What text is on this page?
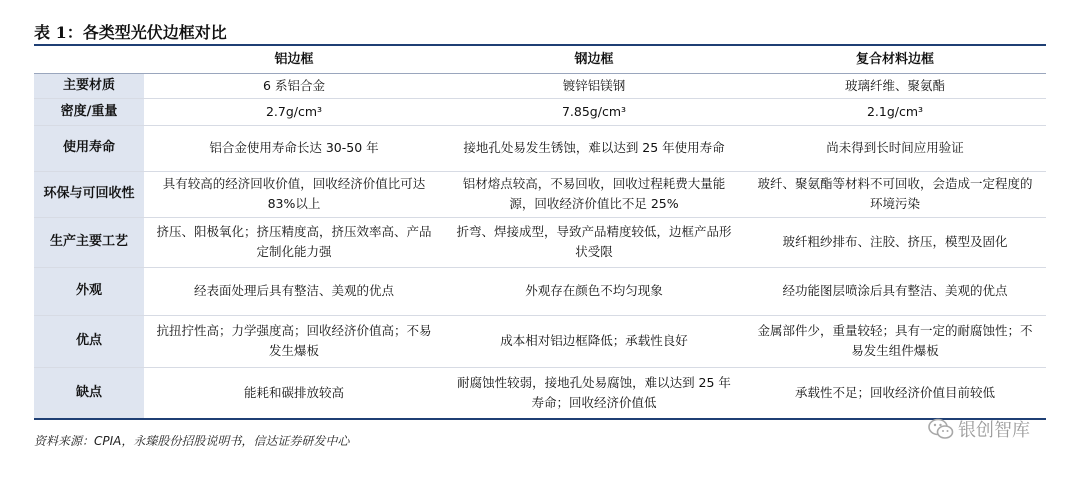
表 1：各类型光伏边框对比
	铝边框	钢边框	复合材料边框
主要材质	6 系铝合金	镀锌铝镁钢	玻璃纤维、聚氨酯
密度/重量	2.7g/cm³	7.85g/cm³	2.1g/cm³
使用寿命	铝合金使用寿命长达 30-50 年	接地孔处易发生锈蚀，难以达到 25 年使用寿命	尚未得到长时间应用验证
环保与可回收性	具有较高的经济回收价值，回收经济价值比可达 83%以上	铝材熔点较高，不易回收，回收过程耗费大量能源，回收经济价值比不足 25%	玻纤、聚氨酯等材料不可回收，会造成一定程度的环境污染
生产主要工艺	挤压、阳极氧化；挤压精度高，挤压效率高、产品定制化能力强	折弯、焊接成型，导致产品精度较低，边框产品形状受限	玻纤粗纱排布、注胶、挤压，模型及固化
外观	经表面处理后具有整洁、美观的优点	外观存在颜色不均匀现象	经功能图层喷涂后具有整洁、美观的优点
优点	抗扭拧性高；力学强度高；回收经济价值高；不易发生爆板	成本相对铝边框降低；承载性良好	金属部件少，重量较轻；具有一定的耐腐蚀性；不易发生组件爆板
缺点	能耗和碳排放较高	耐腐蚀性较弱，接地孔处易腐蚀，难以达到 25 年寿命；回收经济价值低	承载性不足；回收经济价值目前较低
资料来源：CPIA，永臻股份招股说明书，信达证券研发中心	银创智库
